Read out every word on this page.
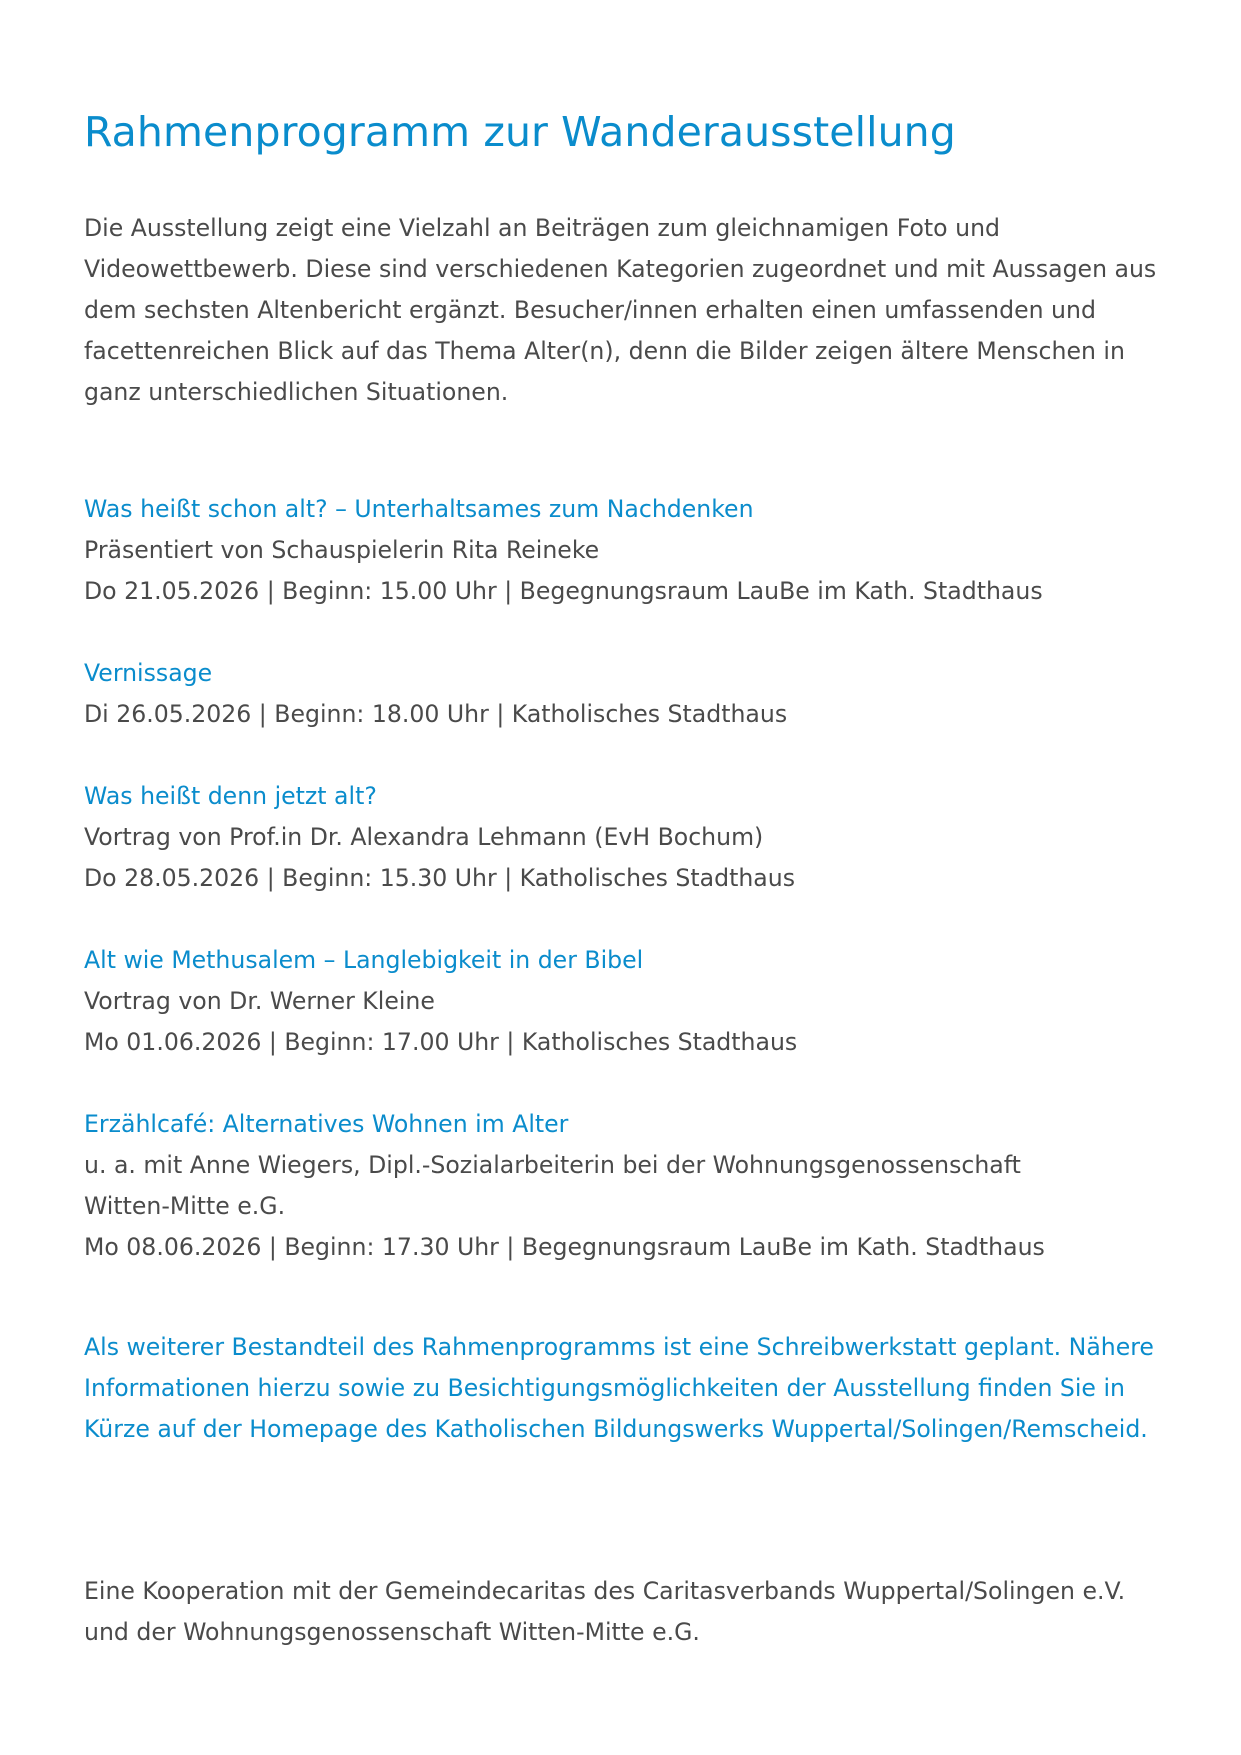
Rahmenprogramm zur Wanderausstellung

Die Ausstellung zeigt eine Vielzahl an Beiträgen zum gleichnamigen Foto und Videowettbewerb. Diese sind verschiedenen Kategorien zugeordnet und mit Aussagen aus dem sechsten Altenbericht ergänzt. Besucher/innen erhalten einen umfassenden und facettenreichen Blick auf das Thema Alter(n), denn die Bilder zeigen ältere Menschen in ganz unterschiedlichen Situationen.

Was heißt schon alt? – Unterhaltsames zum Nachdenken
Präsentiert von Schauspielerin Rita Reineke
Do 21.05.2026 | Beginn: 15.00 Uhr | Begegnungsraum LauBe im Kath. Stadthaus
Vernissage
Di 26.05.2026 | Beginn: 18.00 Uhr | Katholisches Stadthaus
Was heißt denn jetzt alt?
Vortrag von Prof.in Dr. Alexandra Lehmann (EvH Bochum)
Do 28.05.2026 | Beginn: 15.30 Uhr | Katholisches Stadthaus
Alt wie Methusalem – Langlebigkeit in der Bibel
Vortrag von Dr. Werner Kleine
Mo 01.06.2026 | Beginn: 17.00 Uhr | Katholisches Stadthaus
Erzählcafé: Alternatives Wohnen im Alter
u. a. mit Anne Wiegers, Dipl.-Sozialarbeiterin bei der Wohnungsgenossenschaft
Witten-Mitte e.G.
Mo 08.06.2026 | Beginn: 17.30 Uhr | Begegnungsraum LauBe im Kath. Stadthaus

Als weiterer Bestandteil des Rahmenprogramms ist eine Schreibwerkstatt geplant. Nähere Informationen hierzu sowie zu Besichtigungsmöglichkeiten der Ausstellung finden Sie in Kürze auf der Homepage des Katholischen Bildungswerks Wuppertal/Solingen/Remscheid.

Eine Kooperation mit der Gemeindecaritas des Caritasverbands Wuppertal/Solingen e.V.
und der Wohnungsgenossenschaft Witten-Mitte e.G.
